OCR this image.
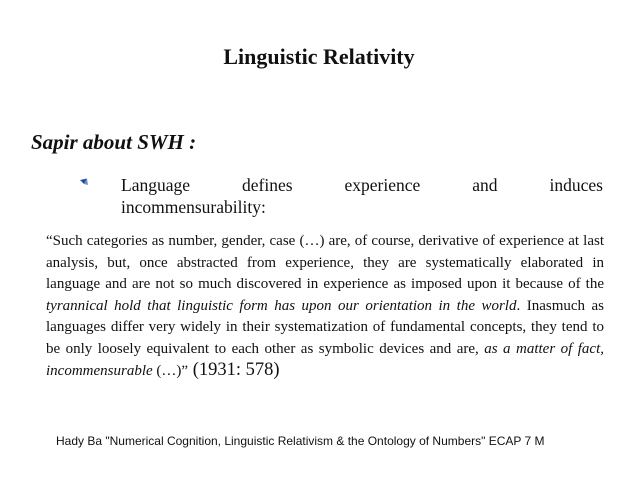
Linguistic Relativity
Sapir about SWH :
Language defines experience and induces
incommensurability:

“Such categories as number, gender, case (…) are, of course, derivative of experience at last analysis, but, once abstracted from experience, they are systematically elaborated in language and are not so much discovered in experience as imposed upon it because of the tyrannical hold that linguistic form has upon our orientation in the world. Inasmuch as languages differ very widely in their systematization of fundamental concepts, they tend to be only loosely equivalent to each other as symbolic devices and are, as a matter of fact, incommensurable (…)” (1931: 578)

Hady Ba "Numerical Cognition, Linguistic Relativism & the Ontology of Numbers" ECAP 7 M
